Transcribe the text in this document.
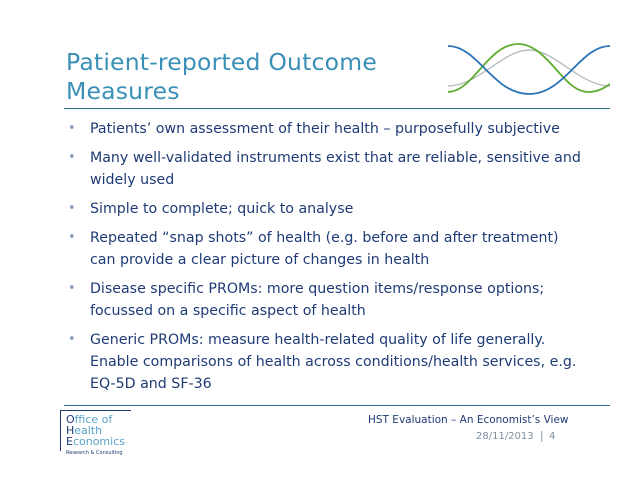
Patient-reported Outcome
Measures
• Patients’ own assessment of their health – purposefully subjective
• Many well-validated instruments exist that are reliable, sensitive and widely used
• Simple to complete; quick to analyse
• Repeated “snap shots” of health (e.g. before and after treatment) can provide a clear picture of changes in health
• Disease specific PROMs: more question items/response options; focussed on a specific aspect of health
• Generic PROMs: measure health-related quality of life generally. Enable comparisons of health across conditions/health services, e.g. EQ-5D and SF-36
Office of
Health
Economics
Research & Consulting
HST Evaluation – An Economist’s View
28/11/2013 | 4
